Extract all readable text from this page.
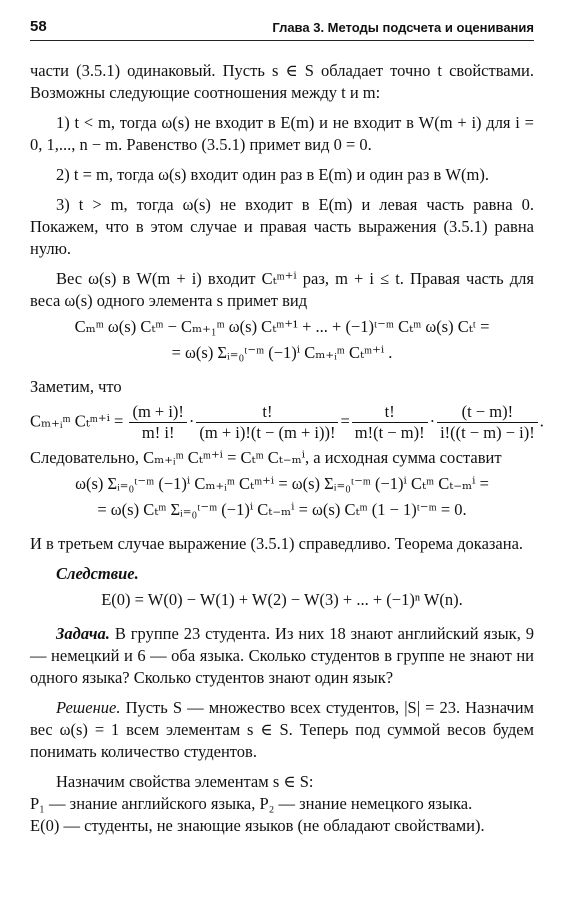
58	Глава 3. Методы подсчета и оценивания

части (3.5.1) одинаковый. Пусть s ∈ S обладает точно t свойствами. Возможны следующие соотношения между t и m:

1) t < m, тогда ω(s) не входит в E(m) и не входит в W(m + i) для i = 0, 1,..., n − m. Равенство (3.5.1) примет вид 0 = 0.

2) t = m, тогда ω(s) входит один раз в E(m) и один раз в W(m).

3) t > m, тогда ω(s) не входит в E(m) и левая часть равна 0. Покажем, что в этом случае и правая часть выражения (3.5.1) равна нулю.

Вес ω(s) в W(m + i) входит Cₜᵐ⁺ⁱ раз, m + i ≤ t. Правая часть для веса ω(s) одного элемента s примет вид

Cₘᵐ ω(s) Cₜᵐ − Cₘ₊₁ᵐ ω(s) Cₜᵐ⁺¹ + ... + (−1)ᵗ⁻ᵐ Cₜᵐ ω(s) Cₜᵗ =
= ω(s) Σᵢ₌₀ᵗ⁻ᵐ (−1)ⁱ Cₘ₊ᵢᵐ Cₜᵐ⁺ⁱ .

Заметим, что

Cₘ₊ᵢᵐ Cₜᵐ⁺ⁱ = $\frac{(m + i)!}{m! i!} \cdot \frac{t!}{(m + i)!(t - (m + i))!} = \frac{t!}{m!(t - m)!} \cdot \frac{(t - m)!}{i!((t - m) - i)!}$ .

Следовательно, Cₘ₊ᵢᵐ Cₜᵐ⁺ⁱ = Cₜᵐ Cₜ₋ₘⁱ, а исходная сумма составит

ω(s) Σᵢ₌₀ᵗ⁻ᵐ (−1)ⁱ Cₘ₊ᵢᵐ Cₜᵐ⁺ⁱ = ω(s) Σᵢ₌₀ᵗ⁻ᵐ (−1)ⁱ Cₜᵐ Cₜ₋ₘⁱ =
= ω(s) Cₜᵐ Σᵢ₌₀ᵗ⁻ᵐ (−1)ⁱ Cₜ₋ₘⁱ = ω(s) Cₜᵐ (1 − 1)ᵗ⁻ᵐ = 0.

И в третьем случае выражение (3.5.1) справедливо. Теорема доказана.

Следствие.

E(0) = W(0) − W(1) + W(2) − W(3) + ... + (−1)ⁿ W(n).

Задача. В группе 23 студента. Из них 18 знают английский язык, 9 — немецкий и 6 — оба языка. Сколько студентов в группе не знают ни одного языка? Сколько студентов знают один язык?

Решение. Пусть S — множество всех студентов, |S| = 23. Назначим вес ω(s) = 1 всем элементам s ∈ S. Теперь под суммой весов будем понимать количество студентов.

Назначим свойства элементам s ∈ S:

P₁ — знание английского языка, P₂ — знание немецкого языка.

E(0) — студенты, не знающие языков (не обладают свойствами).
